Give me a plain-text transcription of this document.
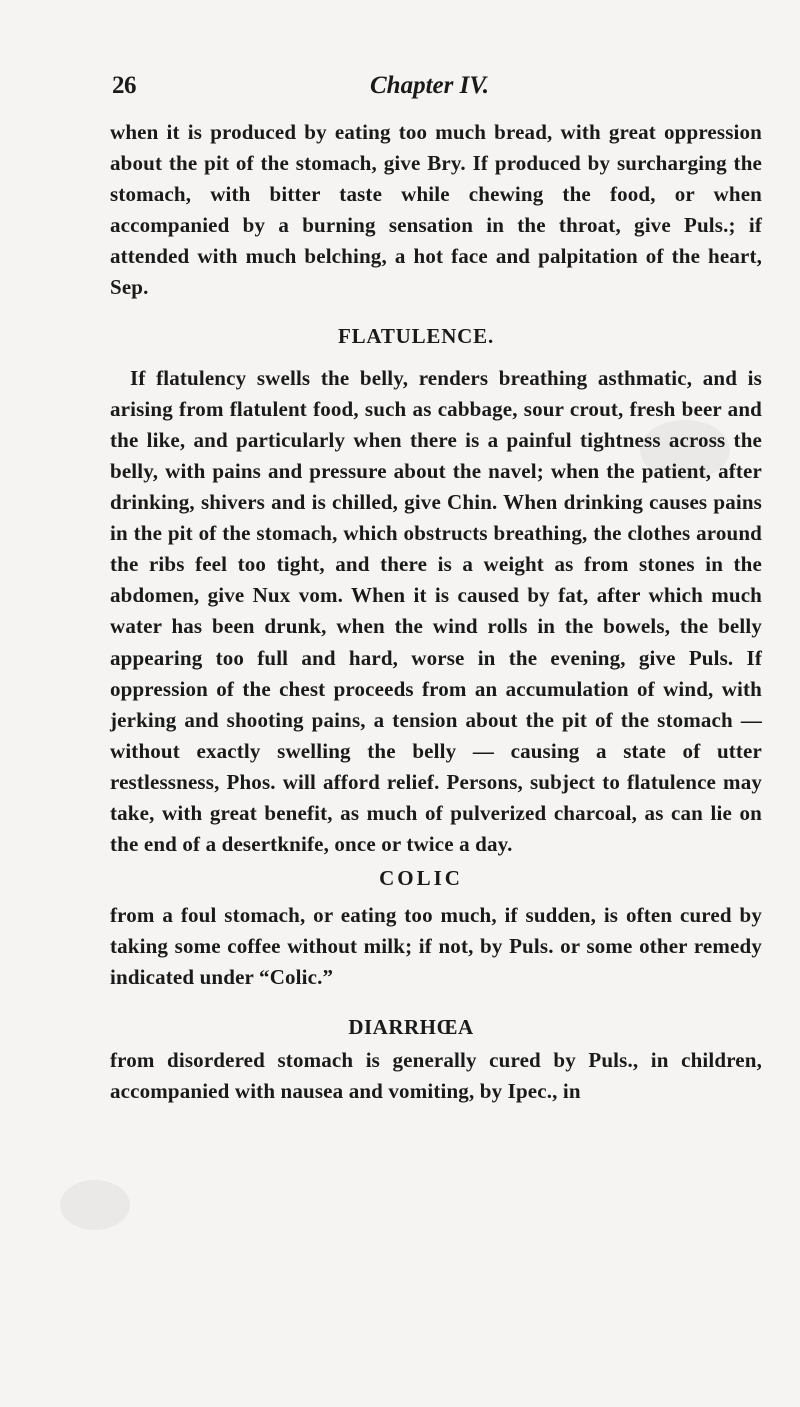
26	Chapter IV.

when it is produced by eating too much bread, with great oppression about the pit of the stomach, give Bry. If produced by surcharging the stomach, with bitter taste while chewing the food, or when accompanied by a burning sensation in the throat, give Puls.; if attended with much belching, a hot face and palpitation of the heart, Sep.

FLATULENCE.

If flatulency swells the belly, renders breathing asthmatic, and is arising from flatulent food, such as cabbage, sour crout, fresh beer and the like, and particularly when there is a painful tightness across the belly, with pains and pressure about the navel; when the patient, after drinking, shivers and is chilled, give Chin. When drinking causes pains in the pit of the stomach, which obstructs breathing, the clothes around the ribs feel too tight, and there is a weight as from stones in the abdomen, give Nux vom. When it is caused by fat, after which much water has been drunk, when the wind rolls in the bowels, the belly appearing too full and hard, worse in the evening, give Puls. If oppression of the chest proceeds from an accumulation of wind, with jerking and shooting pains, a tension about the pit of the stomach — without exactly swelling the belly — causing a state of utter restlessness, Phos. will afford relief. Persons, subject to flatulence may take, with great benefit, as much of pulverized charcoal, as can lie on the end of a desertknife, once or twice a day.

COLIC

from a foul stomach, or eating too much, if sudden, is often cured by taking some coffee without milk; if not, by Puls. or some other remedy indicated under “Colic.”

DIARRHŒA

from disordered stomach is generally cured by Puls., in children, accompanied with nausea and vomiting, by Ipec., in
